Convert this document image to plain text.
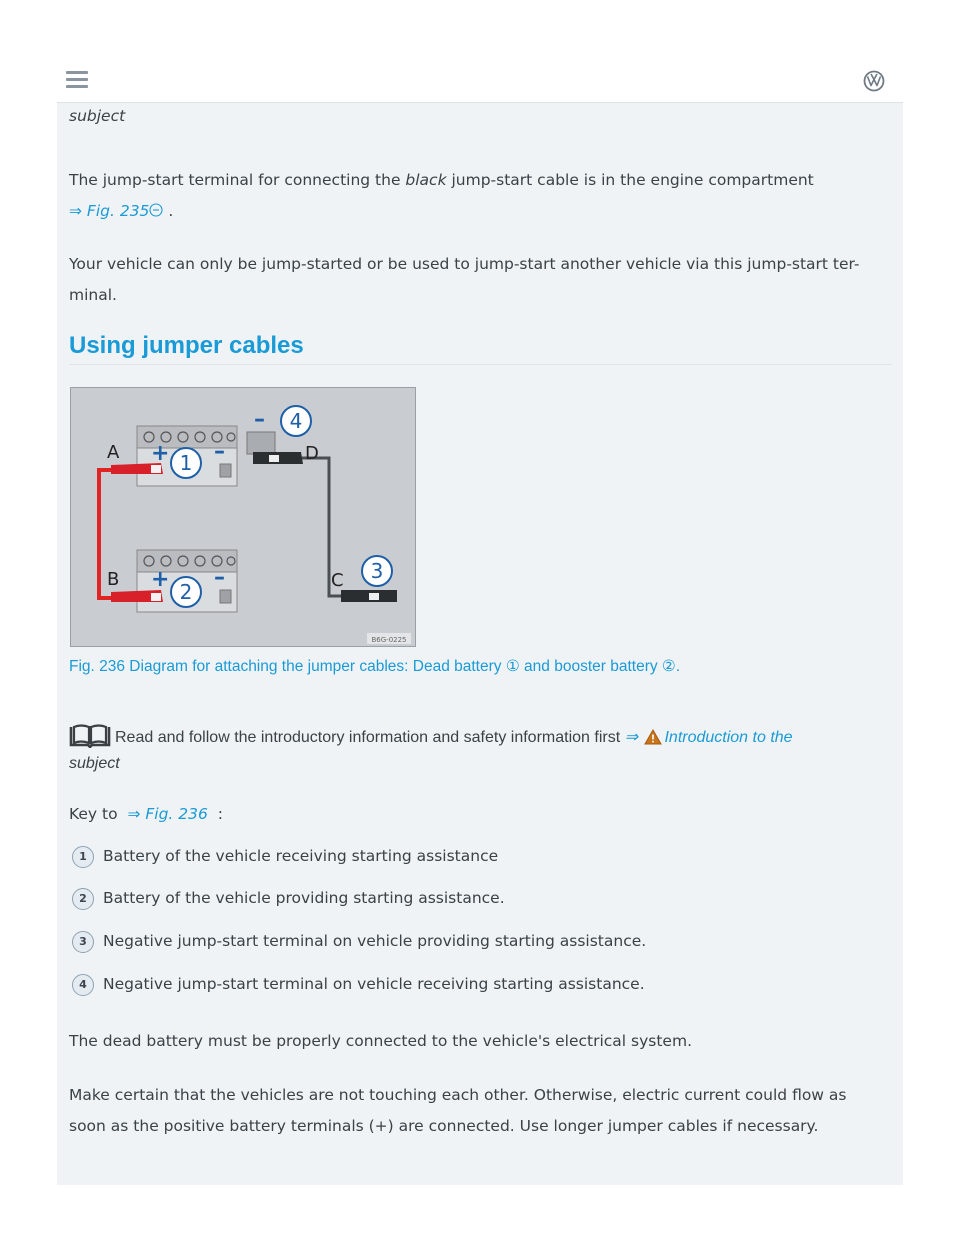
subject
The jump-start terminal for connecting the black jump-start cable is in the engine compartment
⇒ Fig. 235 .
Your vehicle can only be jump-started or be used to jump-start another vehicle via this jump-start ter-
minal.
Using jumper cables
+ –
+ –
–
1
2
3
4
A
B	C
D
B6G-0225
Fig. 236 Diagram for attaching the jumper cables: Dead battery ① and booster battery ②.
Read and follow the introductory information and safety information first ⇒ Introduction to the
subject
Key to ⇒ Fig. 236 :
1	Battery of the vehicle receiving starting assistance
2	Battery of the vehicle providing starting assistance.
3	Negative jump-start terminal on vehicle providing starting assistance.
4	Negative jump-start terminal on vehicle receiving starting assistance.
The dead battery must be properly connected to the vehicle's electrical system.
Make certain that the vehicles are not touching each other. Otherwise, electric current could flow as
soon as the positive battery terminals (+) are connected. Use longer jumper cables if necessary.
